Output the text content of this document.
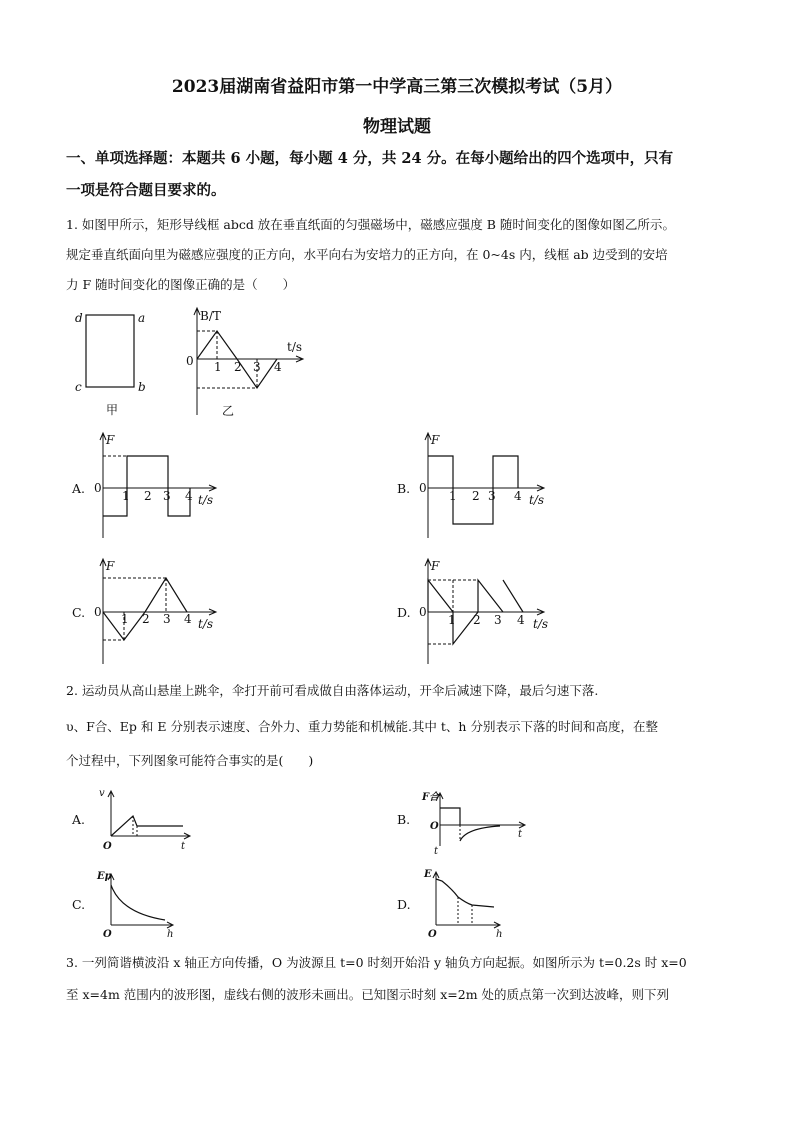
2023届湖南省益阳市第一中学高三第三次模拟考试（5月）
物理试题
一、单项选择题：本题共 6 小题，每小题 4 分，共 24 分。在每小题给出的四个选项中，只有
一项是符合题目要求的。
1. 如图甲所示，矩形导线框 abcd 放在垂直纸面的匀强磁场中，磁感应强度 B 随时间变化的图像如图乙所示。
规定垂直纸面向里为磁感应强度的正方向，水平向右为安培力的正方向，在 0~4s 内，线框 ab 边受到的安培
力 F 随时间变化的图像正确的是（　　）
d	a
c	b
甲
B/T
t/s
0 1 2 3 4
乙
A.
F
0
1 2 3 4 t/s
B.
F
0
1 2 3 4 t/s
C.
F
0 1 2 3 4 t/s
D.
F
0
1 2 3 4 t/s
2. 运动员从高山悬崖上跳伞，伞打开前可看成做自由落体运动，开伞后减速下降，最后匀速下落.
υ、F合、Ep 和 E 分别表示速度、合外力、重力势能和机械能.其中 t、h 分别表示下落的时间和高度，在整
个过程中，下列图象可能符合事实的是(　　)
A.
v
O	t
B.
F合
O
t
t
C.
Ep
O	h
D.
E
O	h
3. 一列简谐横波沿 x 轴正方向传播，O 为波源且 t=0 时刻开始沿 y 轴负方向起振。如图所示为 t=0.2s 时 x=0
至 x=4m 范围内的波形图，虚线右侧的波形未画出。已知图示时刻 x=2m 处的质点第一次到达波峰，则下列
